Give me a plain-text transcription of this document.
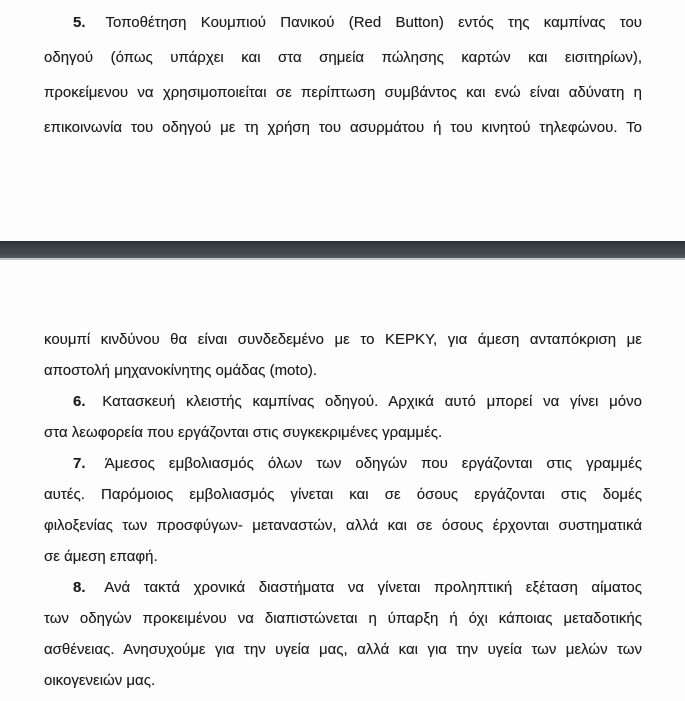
5. Τοποθέτηση Κουμπιού Πανικού (Red Button) εντός της καμπίνας του
οδηγού (όπως υπάρχει και στα σημεία πώλησης καρτών και εισιτηρίων),
προκείμενου να χρησιμοποιείται σε περίπτωση συμβάντος και ενώ είναι αδύνατη η
επικοινωνία του οδηγού με τη χρήση του ασυρμάτου ή του κινητού τηλεφώνου. Το
κουμπί κινδύνου θα είναι συνδεδεμένο με το ΚΕΡΚΥ, για άμεση ανταπόκριση με
αποστολή μηχανοκίνητης ομάδας (moto).
6. Κατασκευή κλειστής καμπίνας οδηγού. Αρχικά αυτό μπορεί να γίνει μόνο
στα λεωφορεία που εργάζονται στις συγκεκριμένες γραμμές.
7. Άμεσος εμβολιασμός όλων των οδηγών που εργάζονται στις γραμμές
αυτές. Παρόμοιος εμβολιασμός γίνεται και σε όσους εργάζονται στις δομές
φιλοξενίας των προσφύγων- μεταναστών, αλλά και σε όσους έρχονται συστηματικά
σε άμεση επαφή.
8. Ανά τακτά χρονικά διαστήματα να γίνεται προληπτική εξέταση αίματος
των οδηγών προκειμένου να διαπιστώνεται η ύπαρξη ή όχι κάποιας μεταδοτικής
ασθένειας. Ανησυχούμε για την υγεία μας, αλλά και για την υγεία των μελών των
οικογενειών μας.
